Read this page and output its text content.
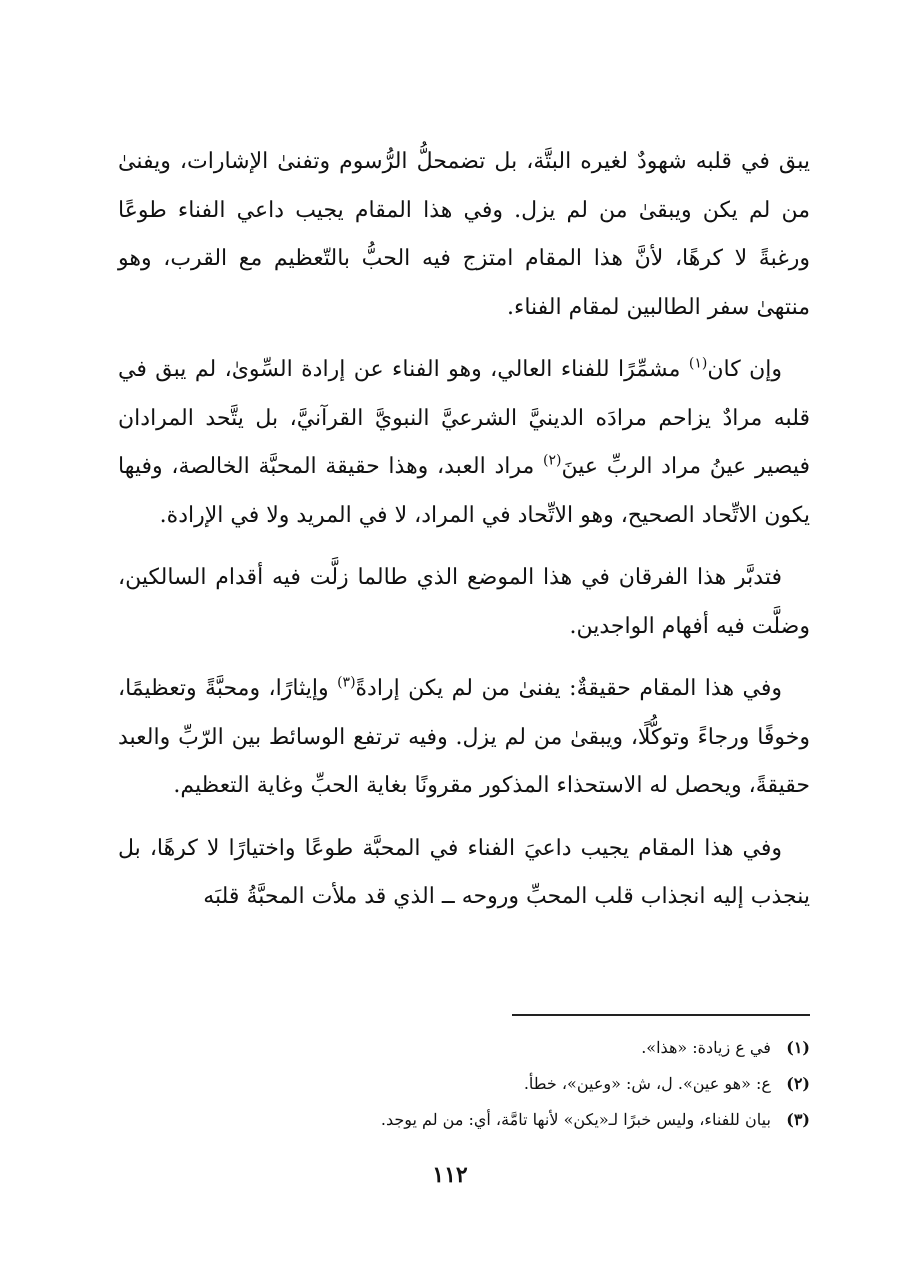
يبق في قلبه شهودٌ لغيره البتَّة، بل تضمحلُّ الرُّسوم وتفنىٰ الإشارات، ويفنىٰ من لم يكن ويبقىٰ من لم يزل. وفي هذا المقام يجيب داعي الفناء طوعًا ورغبةً لا كرهًا، لأنَّ هذا المقام امتزج فيه الحبُّ بالتّعظيم مع القرب، وهو منتهىٰ سفر الطالبين لمقام الفناء.

وإن كان$^{(١)}$ مشمِّرًا للفناء العالي، وهو الفناء عن إرادة السِّوىٰ، لم يبق في قلبه مرادٌ يزاحم مرادَه الدينيَّ الشرعيَّ النبويَّ القرآنيَّ، بل يتَّحد المرادان فيصير عينُ مراد الربِّ عينَ$^{(٢)}$ مراد العبد، وهذا حقيقة المحبَّة الخالصة، وفيها يكون الاتِّحاد الصحيح، وهو الاتِّحاد في المراد، لا في المريد ولا في الإرادة.

فتدبَّر هذا الفرقان في هذا الموضع الذي طالما زلَّت فيه أقدام السالكين، وضلَّت فيه أفهام الواجدين.

وفي هذا المقام حقيقةٌ: يفنىٰ من لم يكن إرادةً$^{(٣)}$ وإيثارًا، ومحبَّةً وتعظيمًا، وخوفًا ورجاءً وتوكُّلًا، ويبقىٰ من لم يزل. وفيه ترتفع الوسائط بين الرّبِّ والعبد حقيقةً، ويحصل له الاستحذاء المذكور مقرونًا بغاية الحبِّ وغاية التعظيم.

وفي هذا المقام يجيب داعيَ الفناء في المحبَّة طوعًا واختيارًا لا كرهًا، بل ينجذب إليه انجذاب قلب المحبِّ وروحه ــ الذي قد ملأت المحبَّةُ قلبَه

(١) في ع زيادة: «هذا».
(٢) ع: «هو عين». ل، ش: «وعين»، خطأ.
(٣) بيان للفناء، وليس خبرًا لـ«يكن» لأنها تامَّة، أي: من لم يوجد.
١١٢
